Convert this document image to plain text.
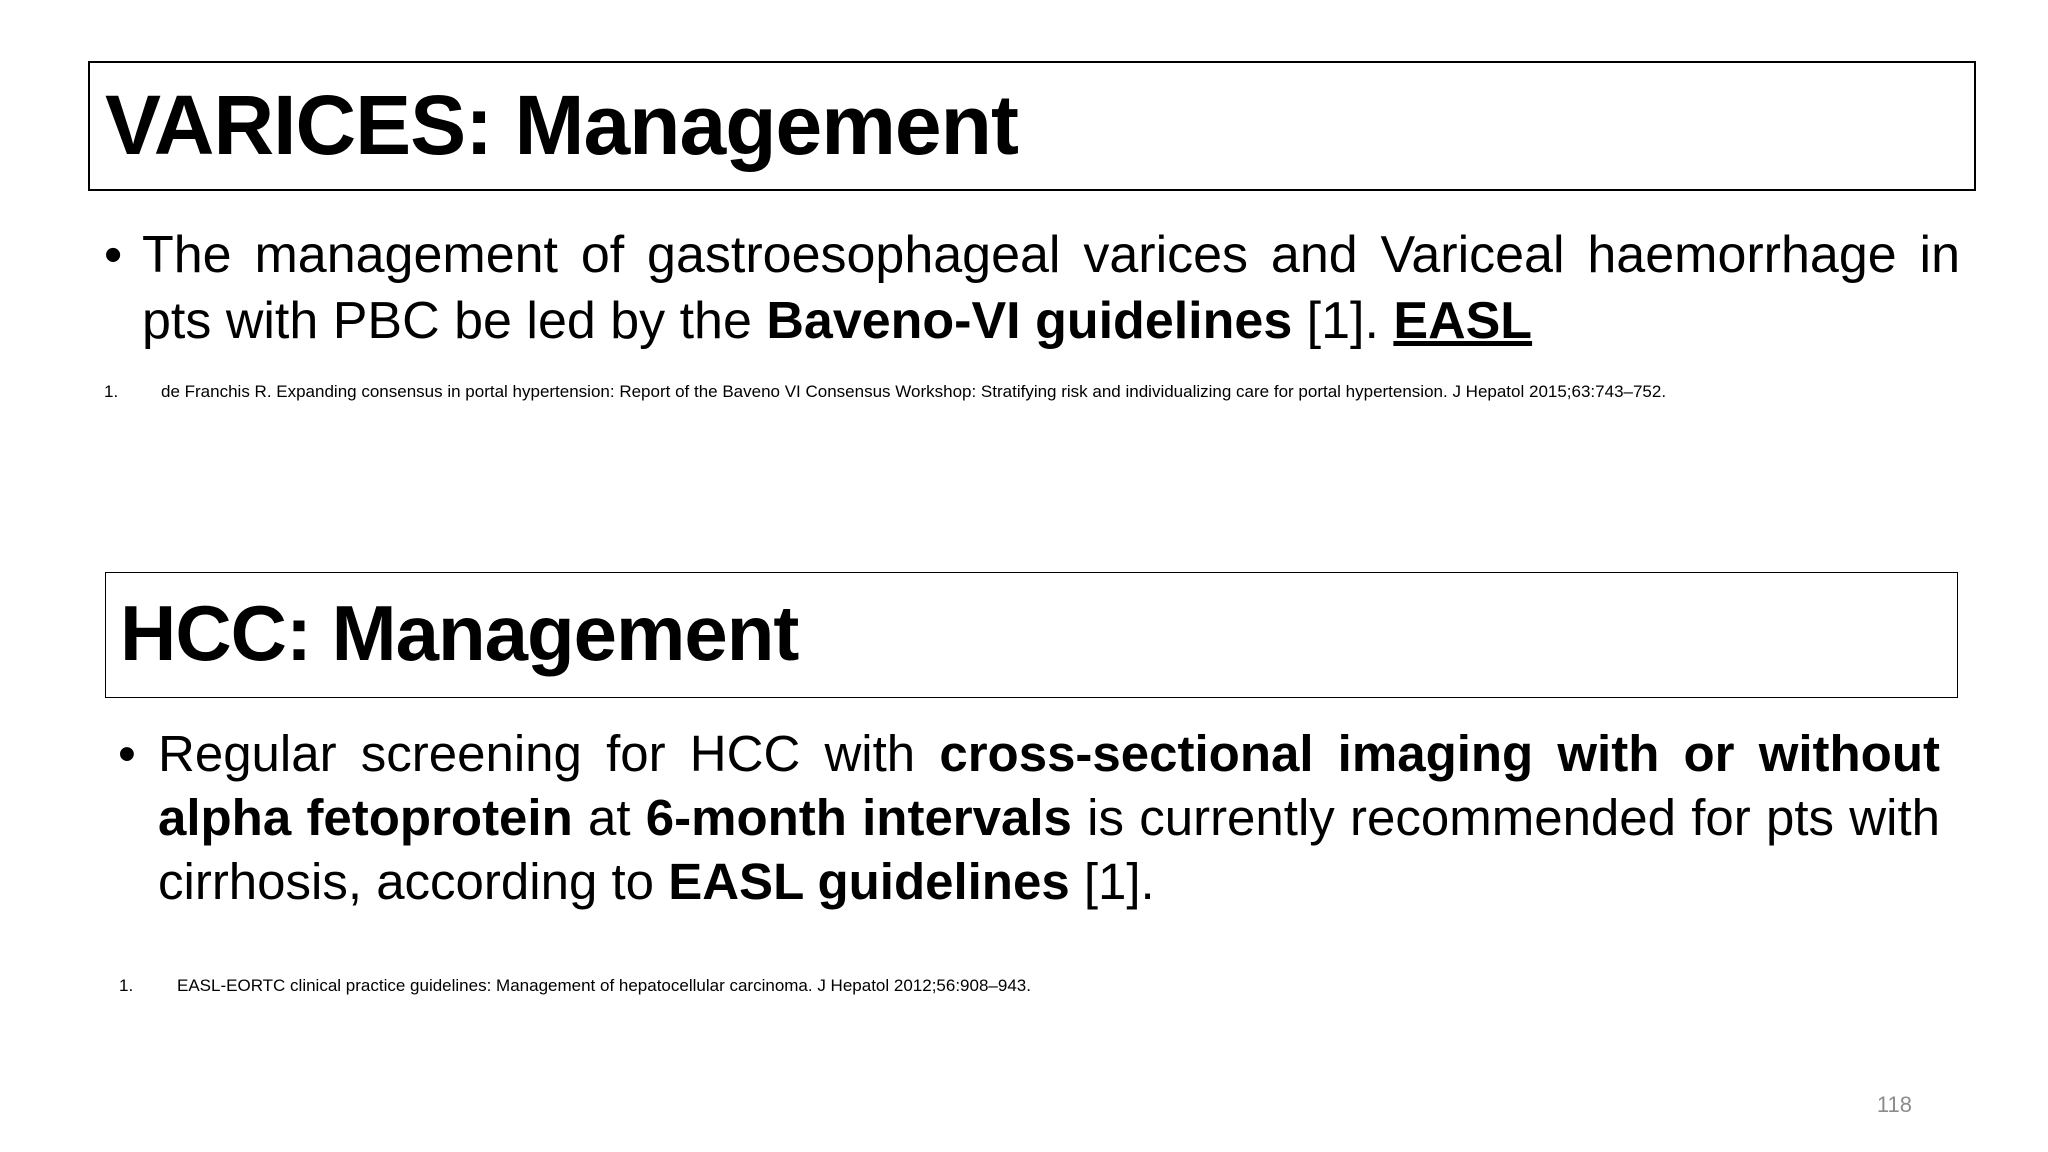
VARICES: Management
• The management of gastroesophageal varices and Variceal haemorrhage in pts with PBC be led by the Baveno-VI guidelines [1]. EASL
1.	de Franchis R. Expanding consensus in portal hypertension: Report of the Baveno VI Consensus Workshop: Stratifying risk and individualizing care for portal hypertension. J Hepatol 2015;63:743–752.
HCC: Management
• Regular screening for HCC with cross-sectional imaging with or without alpha fetoprotein at 6-month intervals is currently recommended for pts with cirrhosis, according to EASL guidelines [1].
1.	EASL-EORTC clinical practice guidelines: Management of hepatocellular carcinoma. J Hepatol 2012;56:908–943.
118
